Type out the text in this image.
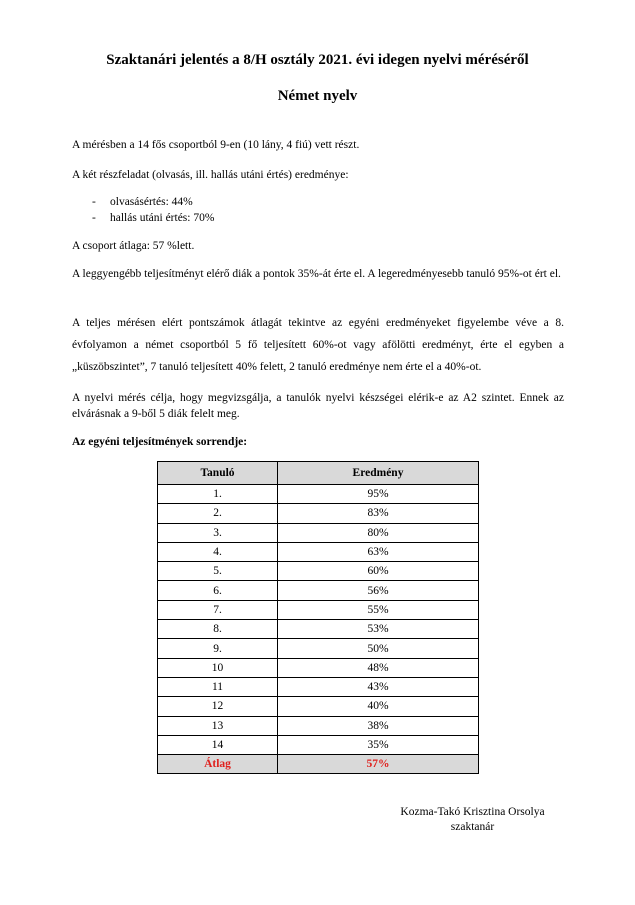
Szaktanári jelentés a 8/H osztály 2021. évi idegen nyelvi méréséről
Német nyelv

A mérésben a 14 fős csoportból 9-en (10 lány, 4 fiú) vett részt.

A két részfeladat (olvasás, ill. hallás utáni értés) eredménye:

- olvasásértés: 44%
- hallás utáni értés: 70%

A csoport átlaga: 57 %lett.

A leggyengébb teljesítményt elérő diák a pontok 35%-át érte el. A legeredményesebb tanuló 95%-ot ért el.

A teljes mérésen elért pontszámok átlagát tekintve az egyéni eredményeket figyelembe véve a 8. évfolyamon a német csoportból 5 fő teljesített 60%-ot vagy afölötti eredményt, érte el egyben a „küszöbszintet”, 7 tanuló teljesített 40% felett, 2 tanuló eredménye nem érte el a 40%-ot.

A nyelvi mérés célja, hogy megvizsgálja, a tanulók nyelvi készségei elérik-e az A2 szintet. Ennek az elvárásnak a 9-ből 5 diák felelt meg.

Az egyéni teljesítmények sorrendje:

Tanuló	Eredmény
1.	95%
2.	83%
3.	80%
4.	63%
5.	60%
6.	56%
7.	55%
8.	53%
9.	50%
10	48%
11	43%
12	40%
13	38%
14	35%
Átlag	57%
Kozma-Takó Krisztina Orsolya
szaktanár
